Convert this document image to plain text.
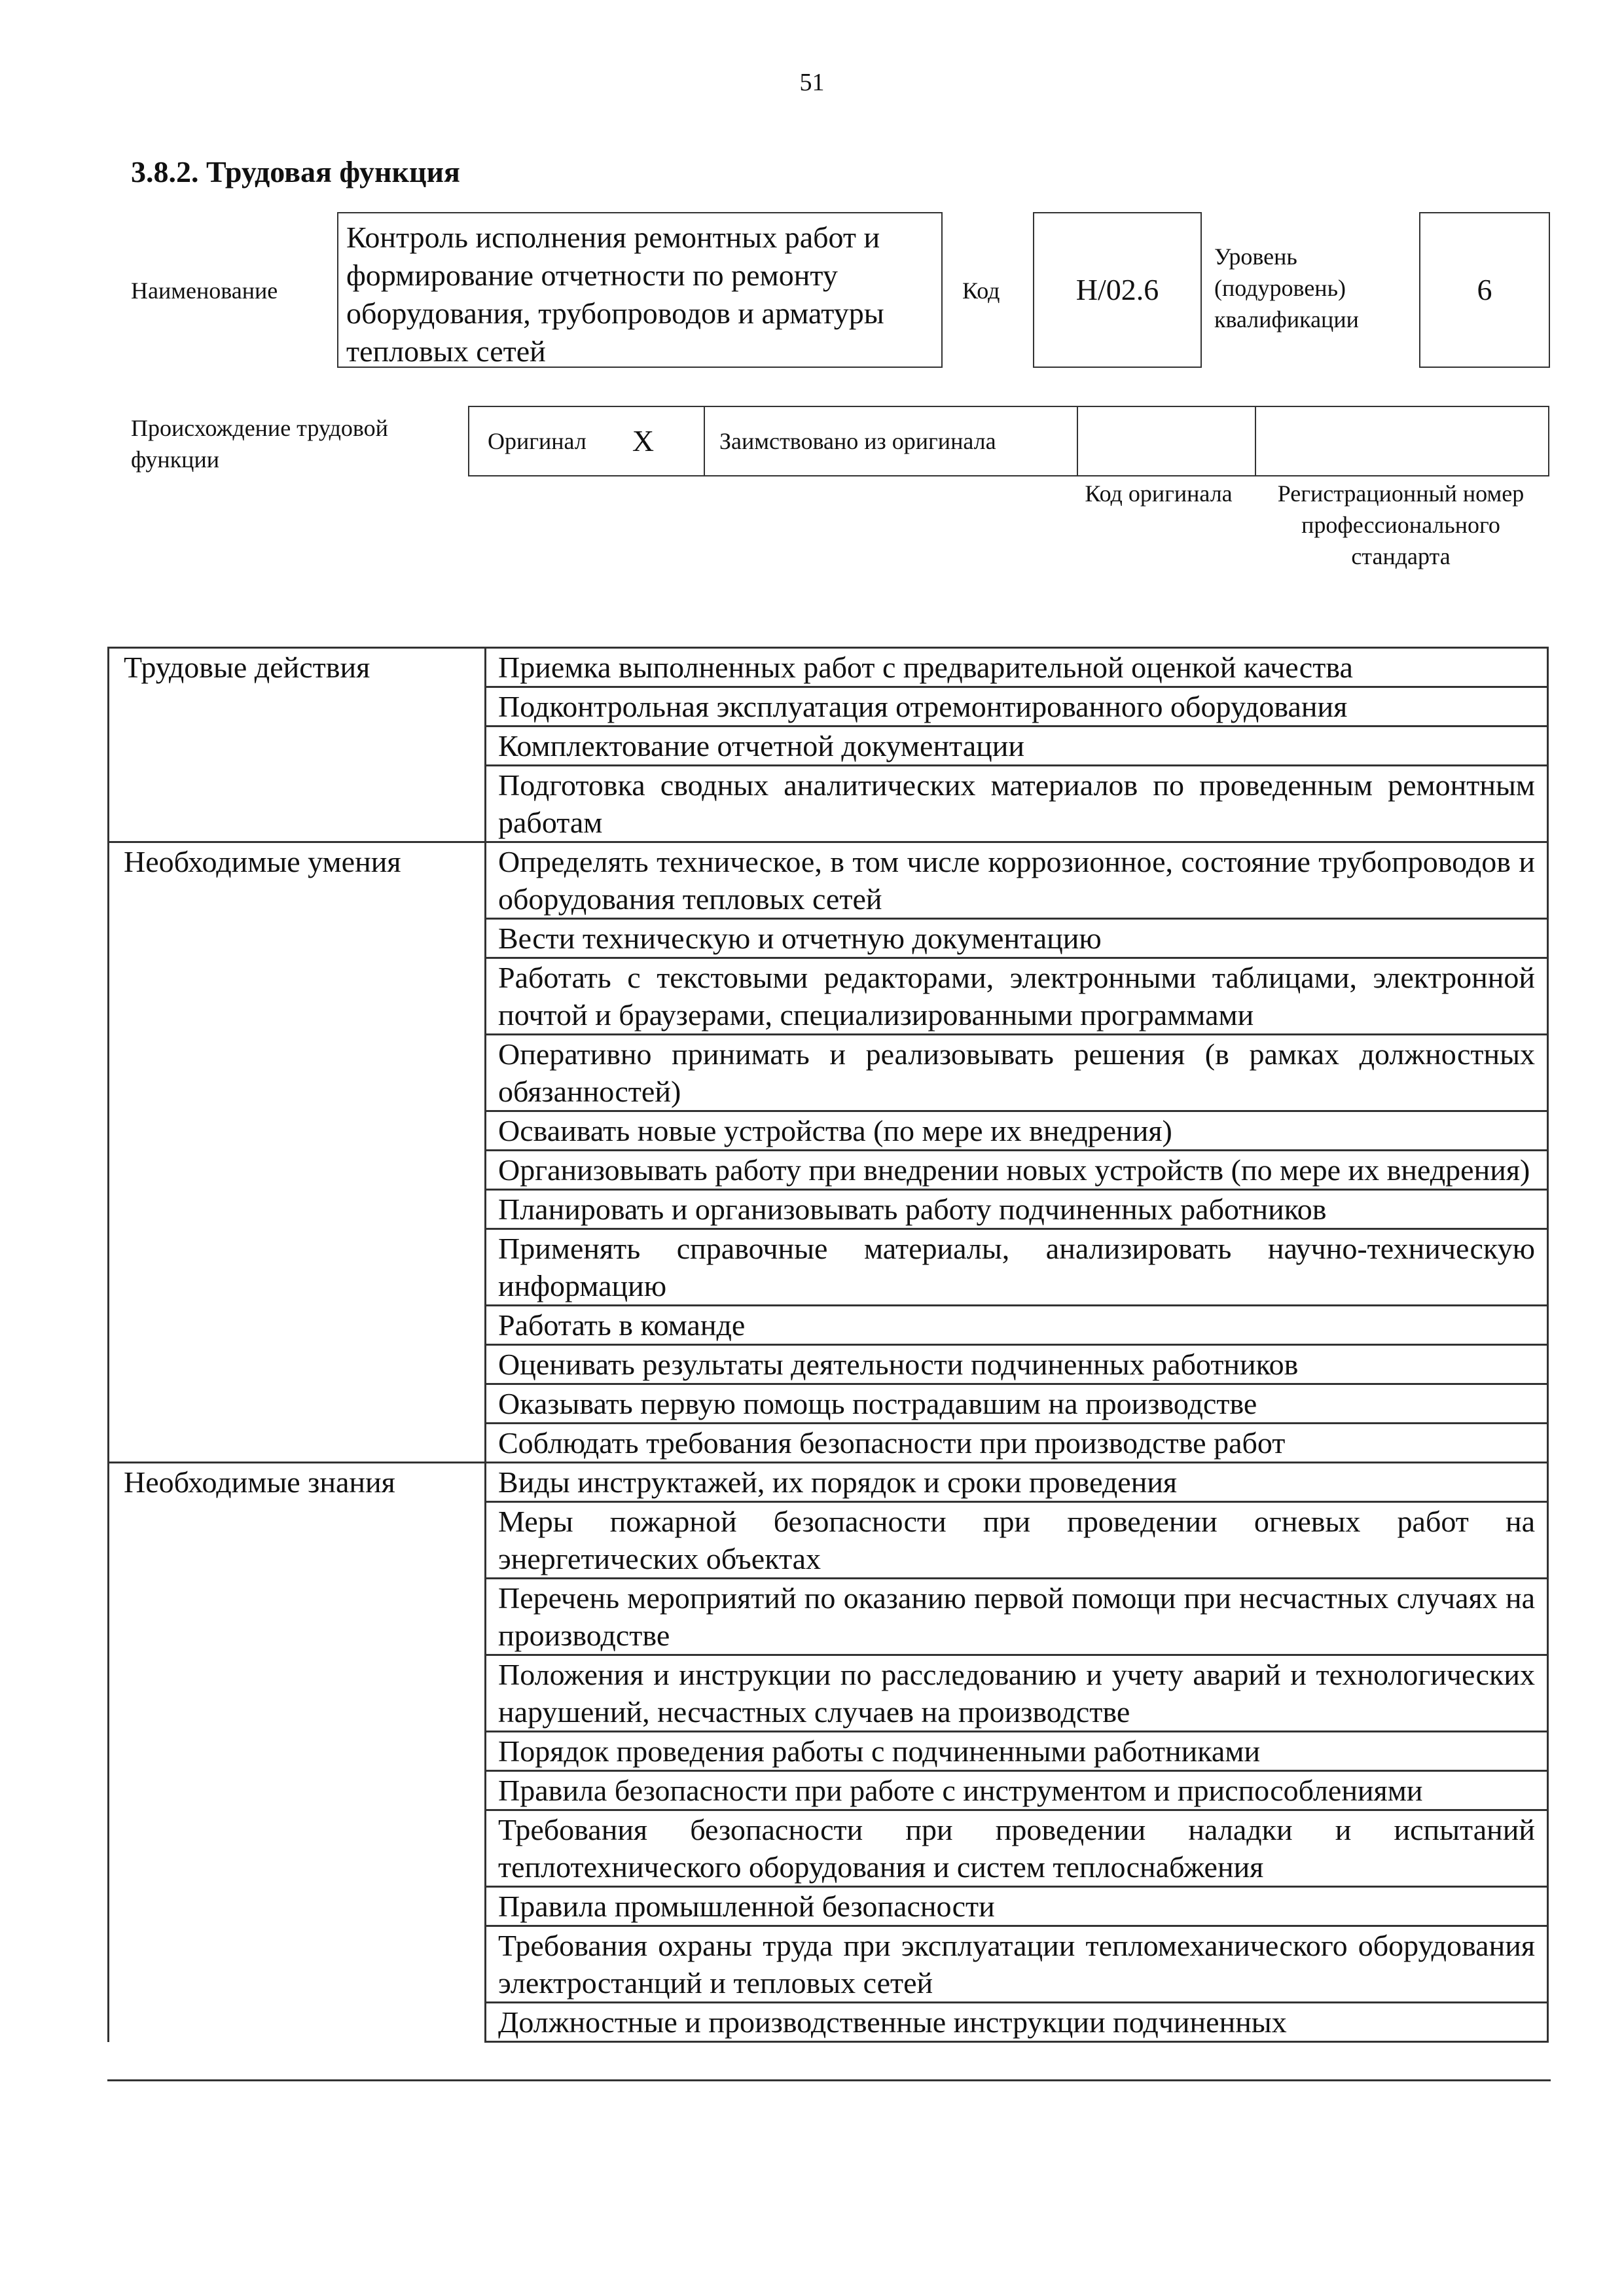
51
3.8.2. Трудовая функция
Наименование
Контроль исполнения ремонтных работ и формирование отчетности по ремонту оборудования, трубопроводов и арматуры тепловых сетей
Код	H/02.6
Уровень (подуровень) квалификации
6
Происхождение трудовой функции
Оригинал X	Заимствовано из оригинала
Код оригинала	Регистрационный номер профессионального стандарта
Трудовые действия	Приемка выполненных работ с предварительной оценкой качества
	Подконтрольная эксплуатация отремонтированного оборудования
	Комплектование отчетной документации
	Подготовка сводных аналитических материалов по проведенным ремонтным работам
Необходимые умения	Определять техническое, в том числе коррозионное, состояние трубопроводов и оборудования тепловых сетей
	Вести техническую и отчетную документацию
	Работать с текстовыми редакторами, электронными таблицами, электронной почтой и браузерами, специализированными программами
	Оперативно принимать и реализовывать решения (в рамках должностных обязанностей)
	Осваивать новые устройства (по мере их внедрения)
	Организовывать работу при внедрении новых устройств (по мере их внедрения)
	Планировать и организовывать работу подчиненных работников
	Применять справочные материалы, анализировать научно-техническую информацию
	Работать в команде
	Оценивать результаты деятельности подчиненных работников
	Оказывать первую помощь пострадавшим на производстве
	Соблюдать требования безопасности при производстве работ
Необходимые знания	Виды инструктажей, их порядок и сроки проведения
	Меры пожарной безопасности при проведении огневых работ на энергетических объектах
	Перечень мероприятий по оказанию первой помощи при несчастных случаях на производстве
	Положения и инструкции по расследованию и учету аварий и технологических нарушений, несчастных случаев на производстве
	Порядок проведения работы с подчиненными работниками
	Правила безопасности при работе с инструментом и приспособлениями
	Требования безопасности при проведении наладки и испытаний теплотехнического оборудования и систем теплоснабжения
	Правила промышленной безопасности
	Требования охраны труда при эксплуатации тепломеханического оборудования электростанций и тепловых сетей
	Должностные и производственные инструкции подчиненных
